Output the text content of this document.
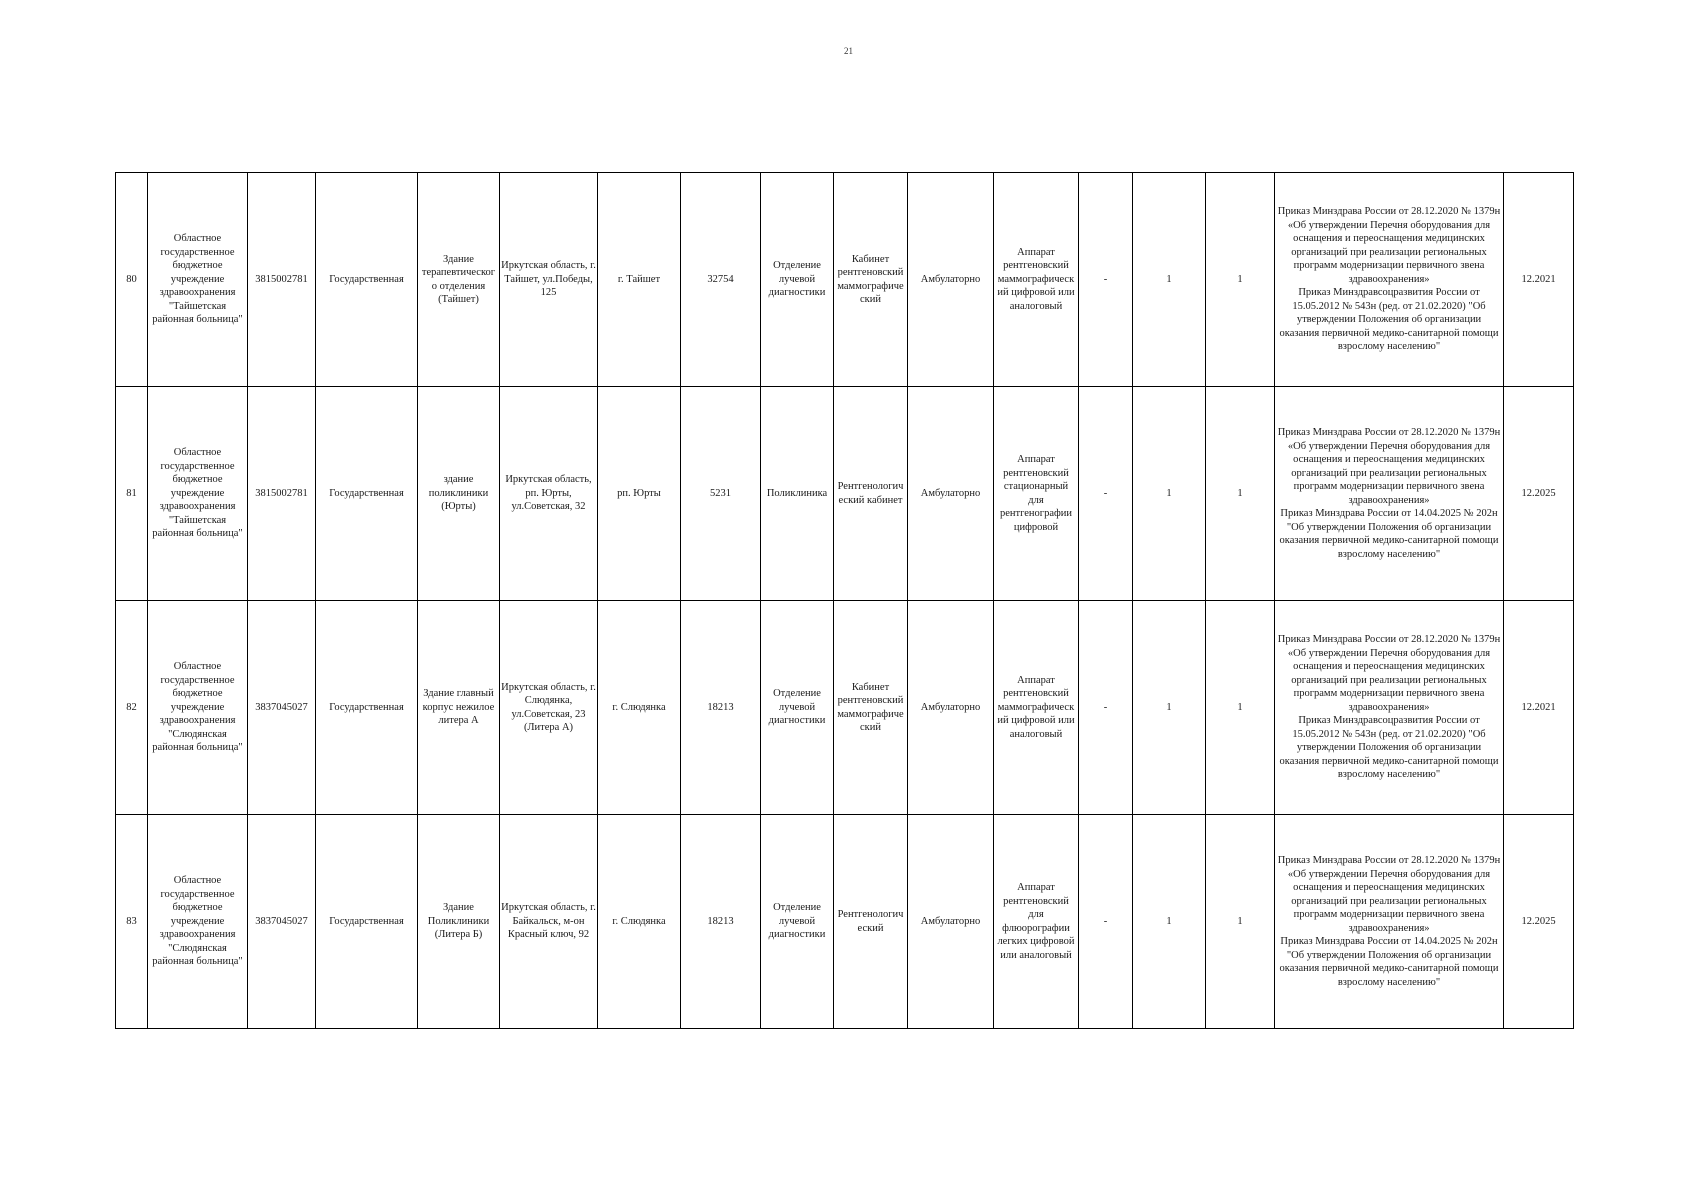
21
80	Областное государственное бюджетное учреждение здравоохранения "Тайшетская районная больница"	3815002781	Государственная	Здание терапевтическог о отделения (Тайшет)	Иркутская область, г. Тайшет, ул.Победы, 125	г. Тайшет	32754	Отделение лучевой диагностики	Кабинет рентгеновский маммографиче ский	Амбулаторно	Аппарат рентгеновский маммографическ ий цифровой или аналоговый	-	1	1	Приказ Минздрава России от 28.12.2020 № 1379н «Об утверждении Перечня оборудования для оснащения и переоснащения медицинских организаций при реализации региональных программ модернизации первичного звена здравоохранения»
Приказ Минздравсоцразвития России от 15.05.2012 № 543н (ред. от 21.02.2020) "Об утверждении Положения об организации оказания первичной медико-санитарной помощи взрослому населению"	12.2021
81	Областное государственное бюджетное учреждение здравоохранения "Тайшетская районная больница"	3815002781	Государственная	здание поликлиники (Юрты)	Иркутская область, рп. Юрты, ул.Советская, 32	рп. Юрты	5231	Поликлиника	Рентгенологич еский кабинет	Амбулаторно	Аппарат рентгеновский стационарный для рентгенографии цифровой	-	1	1	Приказ Минздрава России от 28.12.2020 № 1379н «Об утверждении Перечня оборудования для оснащения и переоснащения медицинских организаций при реализации региональных программ модернизации первичного звена здравоохранения»
Приказ Минздрава России от 14.04.2025 № 202н "Об утверждении Положения об организации оказания первичной медико-санитарной помощи взрослому населению"	12.2025
82	Областное государственное бюджетное учреждение здравоохранения "Слюдянская районная больница"	3837045027	Государственная	Здание главный корпус нежилое литера А	Иркутская область, г. Слюдянка, ул.Советская, 23 (Литера А)	г. Слюдянка	18213	Отделение лучевой диагностики	Кабинет рентгеновский маммографиче ский	Амбулаторно	Аппарат рентгеновский маммографическ ий цифровой или аналоговый	-	1	1	Приказ Минздрава России от 28.12.2020 № 1379н «Об утверждении Перечня оборудования для оснащения и переоснащения медицинских организаций при реализации региональных программ модернизации первичного звена здравоохранения»
Приказ Минздравсоцразвития России от 15.05.2012 № 543н (ред. от 21.02.2020) "Об утверждении Положения об организации оказания первичной медико-санитарной помощи взрослому населению"	12.2021
83	Областное государственное бюджетное учреждение здравоохранения "Слюдянская районная больница"	3837045027	Государственная	Здание Поликлиники (Литера Б)	Иркутская область, г. Байкальск, м-он Красный ключ, 92	г. Слюдянка	18213	Отделение лучевой диагностики	Рентгенологич еский	Амбулаторно	Аппарат рентгеновский для флюорографии легких цифровой или аналоговый	-	1	1	Приказ Минздрава России от 28.12.2020 № 1379н «Об утверждении Перечня оборудования для оснащения и переоснащения медицинских организаций при реализации региональных программ модернизации первичного звена здравоохранения»
Приказ Минздрава России от 14.04.2025 № 202н "Об утверждении Положения об организации оказания первичной медико-санитарной помощи взрослому населению"	12.2025
